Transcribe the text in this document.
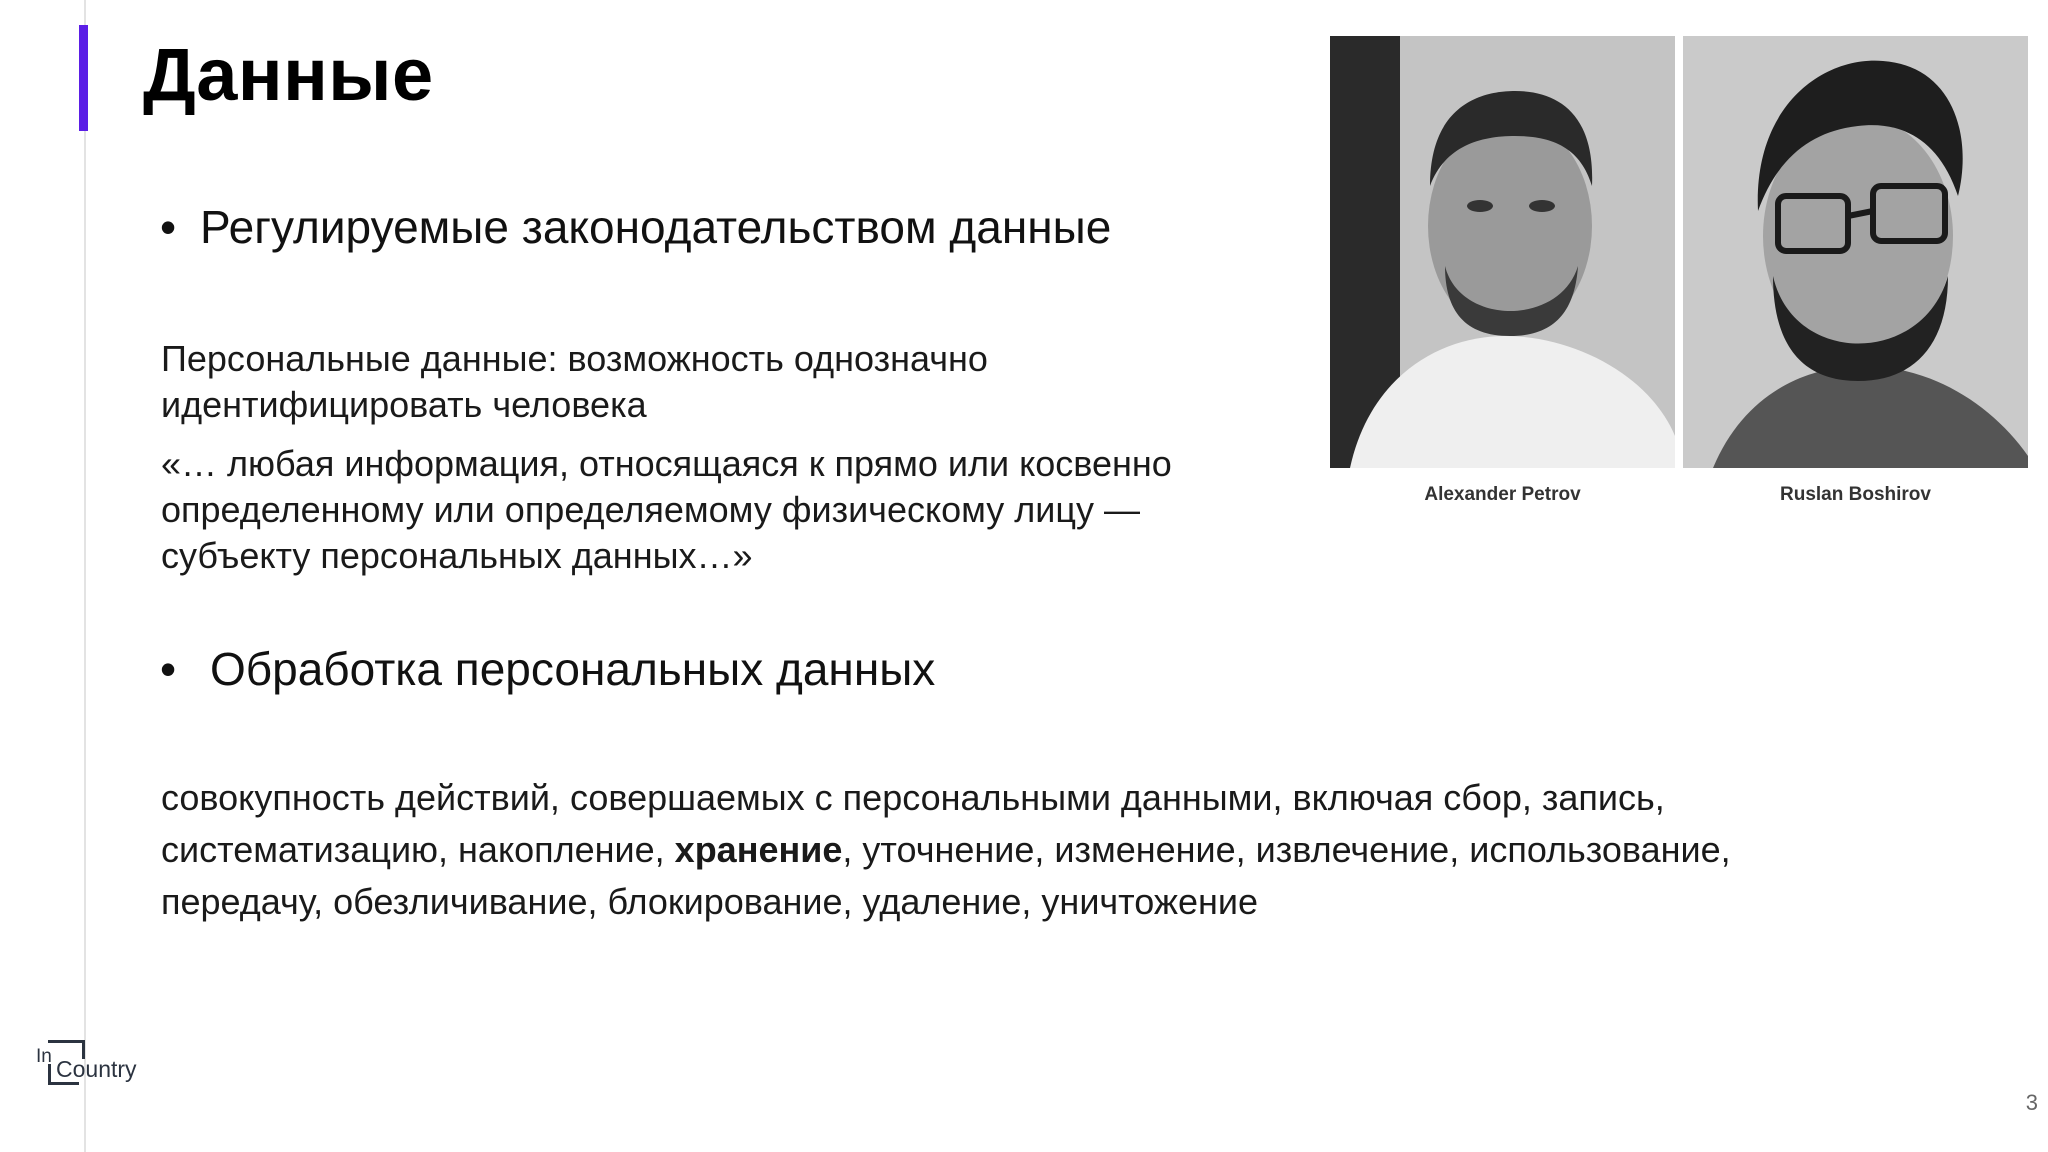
Данные
• Регулируемые законодательством данные

Персональные данные: возможность однозначно

идентифицировать человека

«… любая информация, относящаяся к прямо или косвенно

определенному или определяемому физическому лицу —

субъекту персональных данных…»

• Обработка персональных данных

совокупность действий, совершаемых с персональными данными, включая сбор, запись,

систематизацию, накопление, хранение, уточнение, изменение, извлечение, использование,

передачу, обезличивание, блокирование, удаление, уничтожение

Alexander Petrov	Ruslan Boshirov
In Country
3
